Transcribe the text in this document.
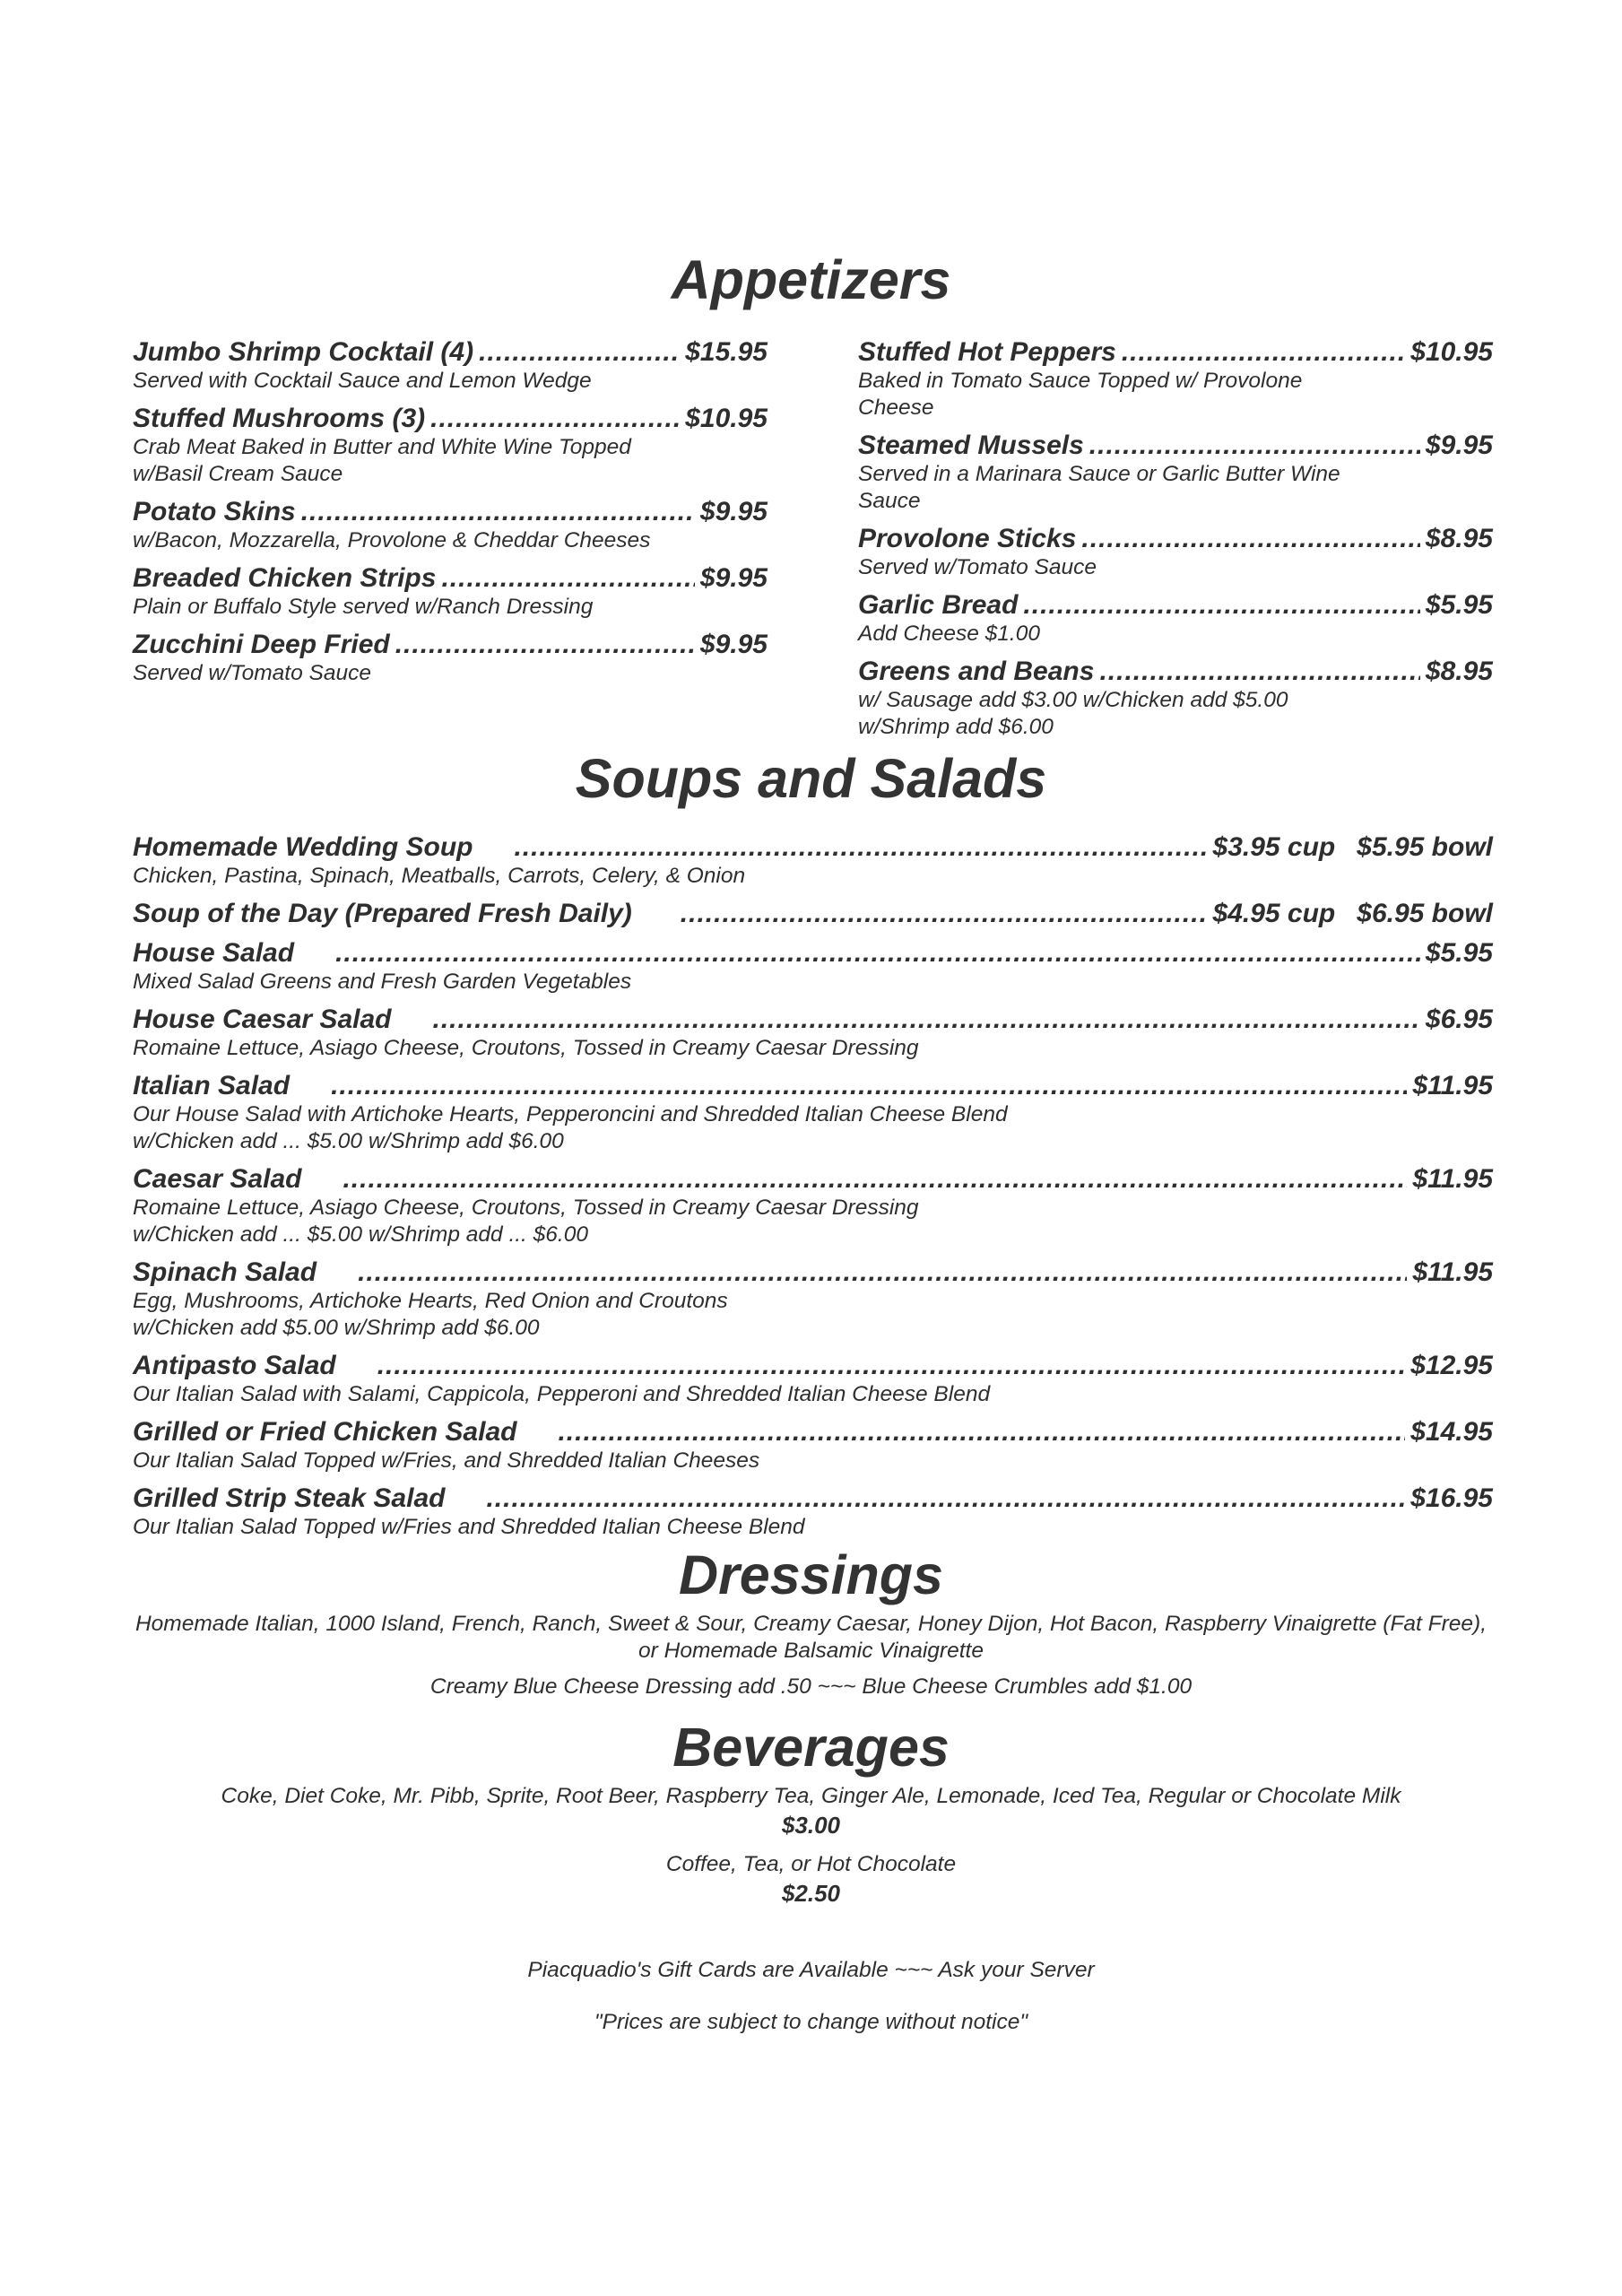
Appetizers
Jumbo Shrimp Cocktail (4) .....	$15.95
Served with Cocktail Sauce and Lemon Wedge
Stuffed Mushrooms (3) .....	$10.95
Crab Meat Baked in Butter and White Wine Topped
w/Basil Cream Sauce
Potato Skins .....	$9.95
w/Bacon, Mozzarella, Provolone & Cheddar Cheeses
Breaded Chicken Strips .....	$9.95
Plain or Buffalo Style served w/Ranch Dressing
Zucchini Deep Fried .....	$9.95
Served w/Tomato Sauce
Stuffed Hot Peppers .....	$10.95
Baked in Tomato Sauce Topped w/ Provolone
Cheese
Steamed Mussels .....	$9.95
Served in a Marinara Sauce or Garlic Butter Wine
Sauce
Provolone Sticks .....	$8.95
Served w/Tomato Sauce
Garlic Bread .....	$5.95
Add Cheese $1.00
Greens and Beans .....	$8.95
w/ Sausage add $3.00 w/Chicken add $5.00
w/Shrimp add $6.00
Soups and Salads
Homemade Wedding Soup .....	$3.95 cup $5.95 bowl
Chicken, Pastina, Spinach, Meatballs, Carrots, Celery, & Onion
Soup of the Day (Prepared Fresh Daily) .....	$4.95 cup $6.95 bowl
House Salad .....	$5.95
Mixed Salad Greens and Fresh Garden Vegetables
House Caesar Salad .....	$6.95
Romaine Lettuce, Asiago Cheese, Croutons, Tossed in Creamy Caesar Dressing
Italian Salad .....	$11.95
Our House Salad with Artichoke Hearts, Pepperoncini and Shredded Italian Cheese Blend
w/Chicken add ... $5.00 w/Shrimp add $6.00
Caesar Salad .....	$11.95
Romaine Lettuce, Asiago Cheese, Croutons, Tossed in Creamy Caesar Dressing
w/Chicken add ... $5.00 w/Shrimp add ... $6.00
Spinach Salad .....	$11.95
Egg, Mushrooms, Artichoke Hearts, Red Onion and Croutons
w/Chicken add $5.00 w/Shrimp add $6.00
Antipasto Salad .....	$12.95
Our Italian Salad with Salami, Cappicola, Pepperoni and Shredded Italian Cheese Blend
Grilled or Fried Chicken Salad .....	$14.95
Our Italian Salad Topped w/Fries, and Shredded Italian Cheeses
Grilled Strip Steak Salad .....	$16.95
Our Italian Salad Topped w/Fries and Shredded Italian Cheese Blend
Dressings
Homemade Italian, 1000 Island, French, Ranch, Sweet & Sour, Creamy Caesar, Honey Dijon, Hot Bacon, Raspberry Vinaigrette (Fat Free), or Homemade Balsamic Vinaigrette
Creamy Blue Cheese Dressing add .50 ~~~ Blue Cheese Crumbles add $1.00
Beverages
Coke, Diet Coke, Mr. Pibb, Sprite, Root Beer, Raspberry Tea, Ginger Ale, Lemonade, Iced Tea, Regular or Chocolate Milk
$3.00
Coffee, Tea, or Hot Chocolate
$2.50
Piacquadio's Gift Cards are Available ~~~ Ask your Server
"Prices are subject to change without notice"
